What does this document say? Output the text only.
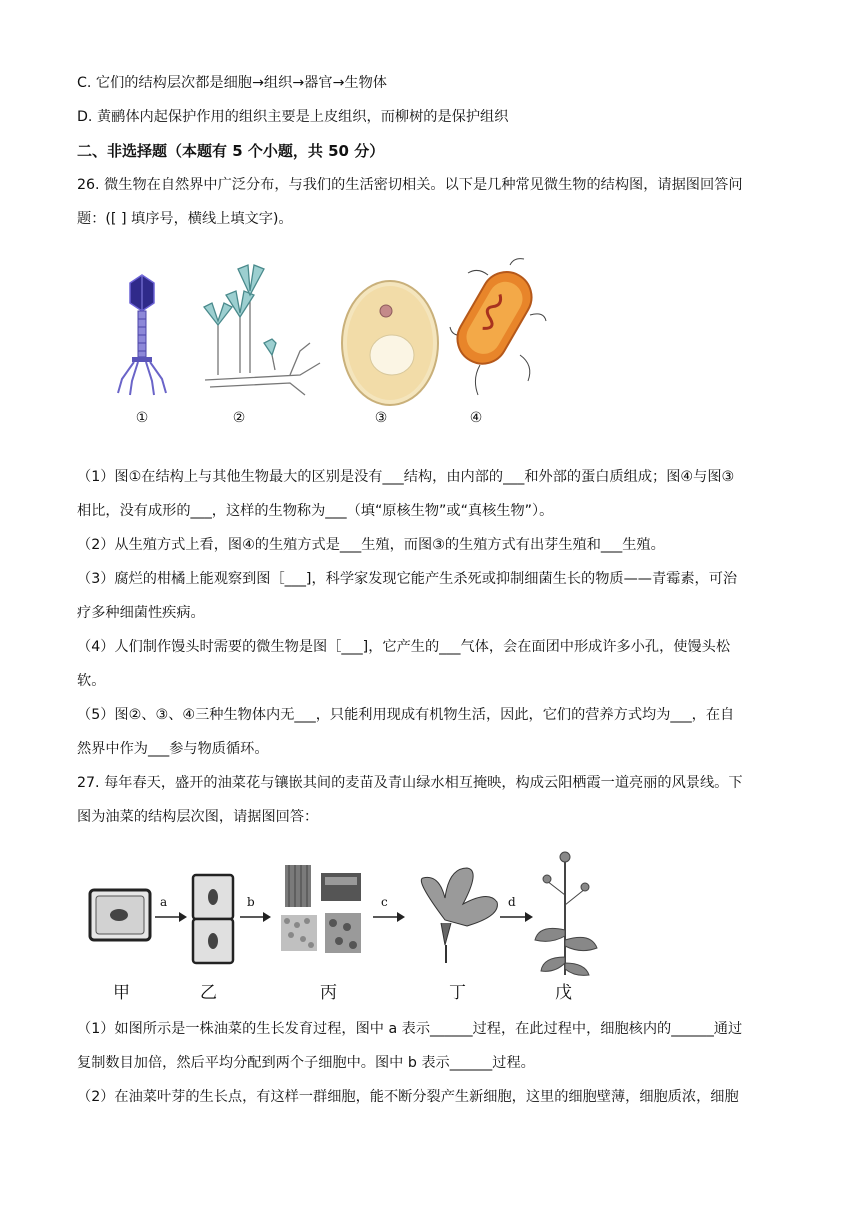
C. 它们的结构层次都是细胞→组织→器官→生物体
D. 黄鹂体内起保护作用的组织主要是上皮组织，而柳树的是保护组织
二、非选择题（本题有 5 个小题，共 50 分）
26. 微生物在自然界中广泛分布，与我们的生活密切相关。以下是几种常见微生物的结构图，请据图回答问
题：([ ] 填序号，横线上填文字)。
①	②	③	④
（1）图①在结构上与其他生物最大的区别是没有___结构，由内部的___和外部的蛋白质组成；图④与图③
相比，没有成形的___，这样的生物称为___（填“原核生物”或“真核生物”）。
（2）从生殖方式上看，图④的生殖方式是___生殖，而图③的生殖方式有出芽生殖和___生殖。
（3）腐烂的柑橘上能观察到图［___]，科学家发现它能产生杀死或抑制细菌生长的物质——青霉素，可治
疗多种细菌性疾病。
（4）人们制作馒头时需要的微生物是图［___]，它产生的___气体，会在面团中形成许多小孔，使馒头松
软。
（5）图②、③、④三种生物体内无___，只能利用现成有机物生活，因此，它们的营养方式均为___，在自
然界中作为___参与物质循环。
27. 每年春天，盛开的油菜花与镶嵌其间的麦苗及青山绿水相互掩映，构成云阳栖霞一道亮丽的风景线。下
图为油菜的结构层次图，请据图回答：
a	b	c	d
甲	乙	丙	丁	戊
（1）如图所示是一株油菜的生长发育过程，图中 a 表示______过程，在此过程中，细胞核内的______通过
复制数目加倍，然后平均分配到两个子细胞中。图中 b 表示______过程。
（2）在油菜叶芽的生长点，有这样一群细胞，能不断分裂产生新细胞，这里的细胞壁薄，细胞质浓，细胞
